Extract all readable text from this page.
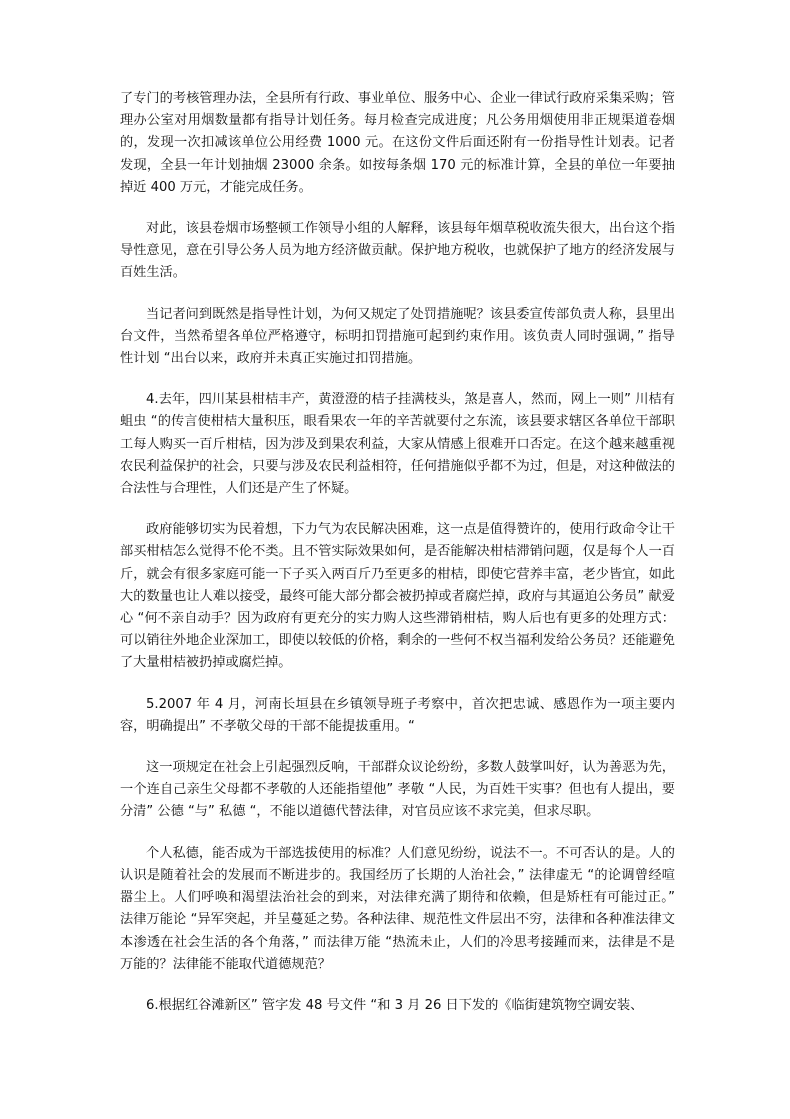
了专门的考核管理办法，全县所有行政、事业单位、服务中心、企业一律试行政府采集采购；管理办公室对用烟数量都有指导计划任务。每月检查完成进度；凡公务用烟使用非正规渠道卷烟的，发现一次扣减该单位公用经费 1000 元。在这份文件后面还附有一份指导性计划表。记者发现，全县一年计划抽烟 23000 余条。如按每条烟 170 元的标准计算，全县的单位一年要抽掉近 400 万元，才能完成任务。

对此，该县卷烟市场整顿工作领导小组的人解释，该县每年烟草税收流失很大，出台这个指导性意见，意在引导公务人员为地方经济做贡献。保护地方税收，也就保护了地方的经济发展与百姓生活。

当记者问到既然是指导性计划，为何又规定了处罚措施呢？该县委宣传部负责人称，县里出台文件，当然希望各单位严格遵守，标明扣罚措施可起到约束作用。该负责人同时强调，” 指导性计划 “出台以来，政府并未真正实施过扣罚措施。

4.去年，四川某县柑桔丰产，黄澄澄的桔子挂满枝头，煞是喜人，然而，网上一则” 川桔有蛆虫 “的传言使柑桔大量积压，眼看果农一年的辛苦就要付之东流，该县要求辖区各单位干部职工每人购买一百斤柑桔，因为涉及到果农利益，大家从情感上很难开口否定。在这个越来越重视农民利益保护的社会，只要与涉及农民利益相符，任何措施似乎都不为过，但是，对这种做法的合法性与合理性，人们还是产生了怀疑。

政府能够切实为民着想，下力气为农民解决困难，这一点是值得赞许的，使用行政命令让干部买柑桔怎么觉得不伦不类。且不管实际效果如何，是否能解决柑桔滞销问题，仅是每个人一百斤，就会有很多家庭可能一下子买入两百斤乃至更多的柑桔，即使它营养丰富，老少皆宜，如此大的数量也让人难以接受，最终可能大部分都会被扔掉或者腐烂掉，政府与其逼迫公务员” 献爱心 “何不亲自动手？因为政府有更充分的实力购人这些滞销柑桔，购人后也有更多的处理方式：可以销往外地企业深加工，即使以较低的价格，剩余的一些何不权当福利发给公务员？还能避免了大量柑桔被扔掉或腐烂掉。

5.2007 年 4 月，河南长垣县在乡镇领导班子考察中，首次把忠诚、感恩作为一项主要内容，明确提出” 不孝敬父母的干部不能提拔重用。“

这一项规定在社会上引起强烈反响，干部群众议论纷纷，多数人鼓掌叫好，认为善恶为先，一个连自己亲生父母都不孝敬的人还能指望他” 孝敬 “人民，为百姓干实事？但也有人提出，要分清” 公德 “与” 私德 “，不能以道德代替法律，对官员应该不求完美，但求尽职。

个人私德，能否成为干部选拔使用的标准？人们意见纷纷，说法不一。不可否认的是。人的认识是随着社会的发展而不断进步的。我国经历了长期的人治社会，” 法律虚无 “的论调曾经喧嚣尘上。人们呼唤和渴望法治社会的到来，对法律充满了期待和依赖，但是矫枉有可能过正。” 法律万能论 “异军突起，并呈蔓延之势。各种法律、规范性文件层出不穷，法律和各种准法律文本渗透在社会生活的各个角落，” 而法律万能 “热流未止，人们的冷思考接踵而来，法律是不是万能的？法律能不能取代道德规范？

6.根据红谷滩新区” 管字发 48 号文件 “和 3 月 26 日下发的《临街建筑物空调安装、
